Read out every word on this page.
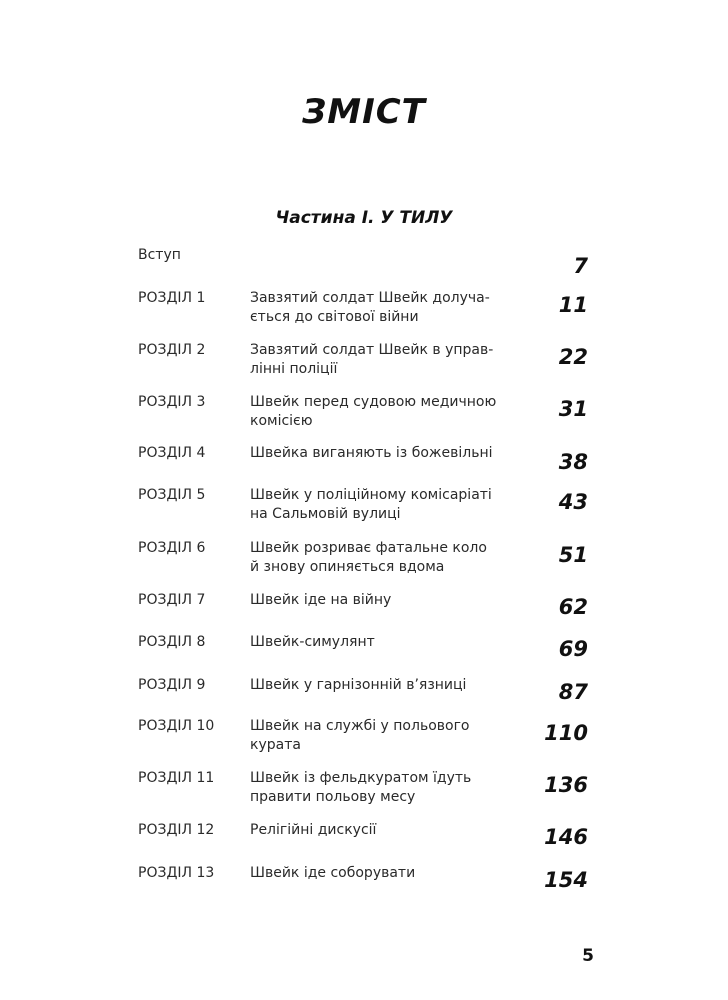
ЗМІСТ
Частина І. У ТИЛУ
Вступ	7
РОЗДІЛ 1	Завзятий солдат Швейк долуча-
ється до світової війни	11
РОЗДІЛ 2	Завзятий солдат Швейк в управ-
лінні поліції	22
РОЗДІЛ 3	Швейк перед судовою медичною
комісією	31
РОЗДІЛ 4	Швейка виганяють із божевільні	38
РОЗДІЛ 5	Швейк у поліційному комісаріаті
на Сальмовій вулиці	43
РОЗДІЛ 6	Швейк розриває фатальне коло
й знову опиняється вдома	51
РОЗДІЛ 7	Швейк іде на війну	62
РОЗДІЛ 8	Швейк-симулянт	69
РОЗДІЛ 9	Швейк у гарнізонній в’язниці	87
РОЗДІЛ 10	Швейк на службі у польового
курата	110
РОЗДІЛ 11	Швейк із фельдкуратом їдуть
правити польову месу	136
РОЗДІЛ 12	Релігійні дискусії	146
РОЗДІЛ 13	Швейк іде соборувати	154
5
